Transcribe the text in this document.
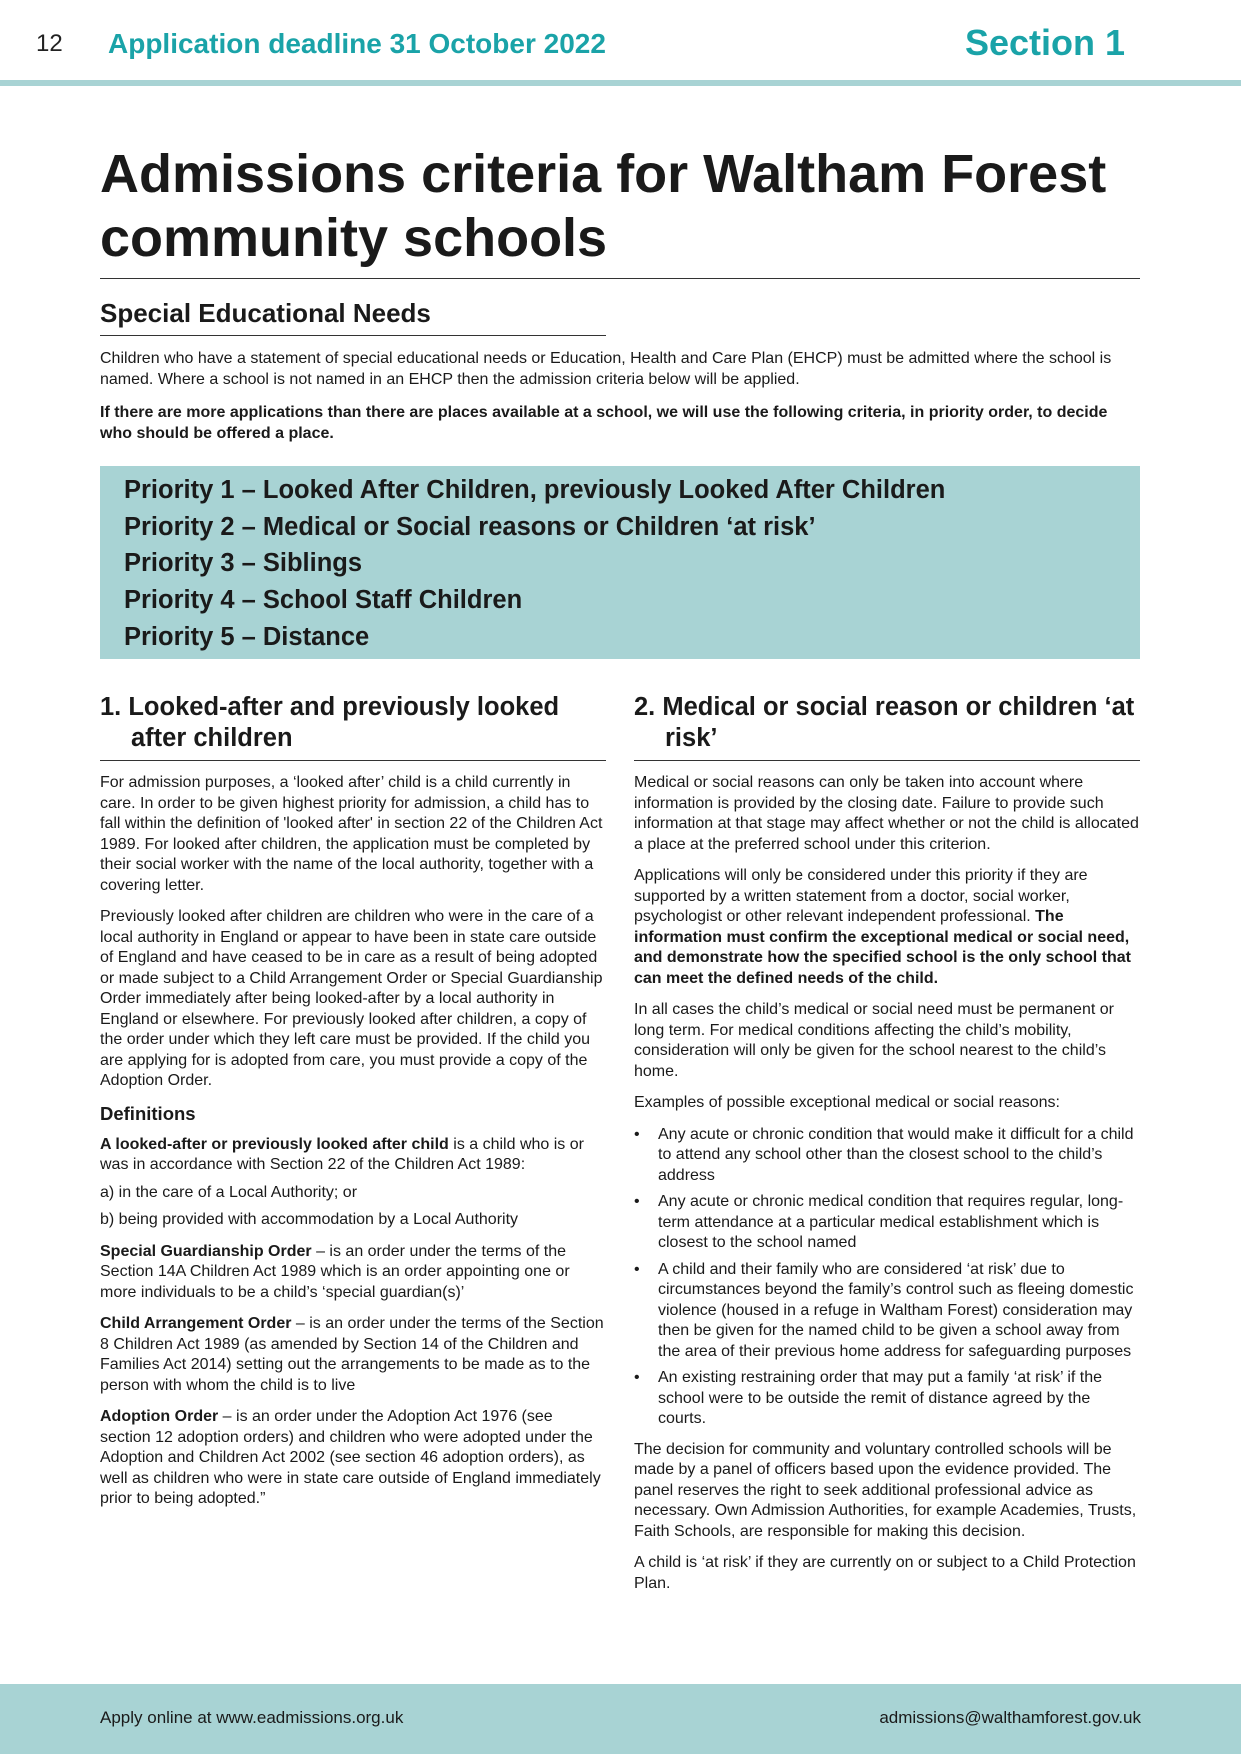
12 Application deadline 31 October 2022	Section 1
Admissions criteria for Waltham Forest community schools
Special Educational Needs

Children who have a statement of special educational needs or Education, Health and Care Plan (EHCP) must be admitted where the school is named. Where a school is not named in an EHCP then the admission criteria below will be applied.

If there are more applications than there are places available at a school, we will use the following criteria, in priority order, to decide who should be offered a place.

Priority 1 – Looked After Children, previously Looked After Children
Priority 2 – Medical or Social reasons or Children ‘at risk’
Priority 3 – Siblings
Priority 4 – School Staff Children
Priority 5 – Distance
1. Looked-after and previously looked after children

For admission purposes, a ‘looked after’ child is a child currently in care. In order to be given highest priority for admission, a child has to fall within the definition of 'looked after' in section 22 of the Children Act 1989. For looked after children, the application must be completed by their social worker with the name of the local authority, together with a covering letter.

Previously looked after children are children who were in the care of a local authority in England or appear to have been in state care outside of England and have ceased to be in care as a result of being adopted or made subject to a Child Arrangement Order or Special Guardianship Order immediately after being looked-after by a local authority in England or elsewhere. For previously looked after children, a copy of the order under which they left care must be provided. If the child you are applying for is adopted from care, you must provide a copy of the Adoption Order.

Definitions

A looked-after or previously looked after child is a child who is or was in accordance with Section 22 of the Children Act 1989:

a) in the care of a Local Authority; or

b) being provided with accommodation by a Local Authority

Special Guardianship Order – is an order under the terms of the Section 14A Children Act 1989 which is an order appointing one or more individuals to be a child’s ‘special guardian(s)’

Child Arrangement Order – is an order under the terms of the Section 8 Children Act 1989 (as amended by Section 14 of the Children and Families Act 2014) setting out the arrangements to be made as to the person with whom the child is to live

Adoption Order – is an order under the Adoption Act 1976 (see section 12 adoption orders) and children who were adopted under the Adoption and Children Act 2002 (see section 46 adoption orders), as well as children who were in state care outside of England immediately prior to being adopted.”

2. Medical or social reason or children ‘at risk’

Medical or social reasons can only be taken into account where information is provided by the closing date. Failure to provide such information at that stage may affect whether or not the child is allocated a place at the preferred school under this criterion.

Applications will only be considered under this priority if they are supported by a written statement from a doctor, social worker, psychologist or other relevant independent professional. The information must confirm the exceptional medical or social need, and demonstrate how the specified school is the only school that can meet the defined needs of the child.

In all cases the child’s medical or social need must be permanent or long term. For medical conditions affecting the child’s mobility, consideration will only be given for the school nearest to the child’s home.

Examples of possible exceptional medical or social reasons:

• Any acute or chronic condition that would make it difficult for a child to attend any school other than the closest school to the child’s address
• Any acute or chronic medical condition that requires regular, long-term attendance at a particular medical establishment which is closest to the school named
• A child and their family who are considered ‘at risk’ due to circumstances beyond the family’s control such as fleeing domestic violence (housed in a refuge in Waltham Forest) consideration may then be given for the named child to be given a school away from the area of their previous home address for safeguarding purposes
• An existing restraining order that may put a family ‘at risk’ if the school were to be outside the remit of distance agreed by the courts.

The decision for community and voluntary controlled schools will be made by a panel of officers based upon the evidence provided. The panel reserves the right to seek additional professional advice as necessary. Own Admission Authorities, for example Academies, Trusts, Faith Schools, are responsible for making this decision.

A child is ‘at risk’ if they are currently on or subject to a Child Protection Plan.

Apply online at www.eadmissions.org.uk	admissions@walthamforest.gov.uk
